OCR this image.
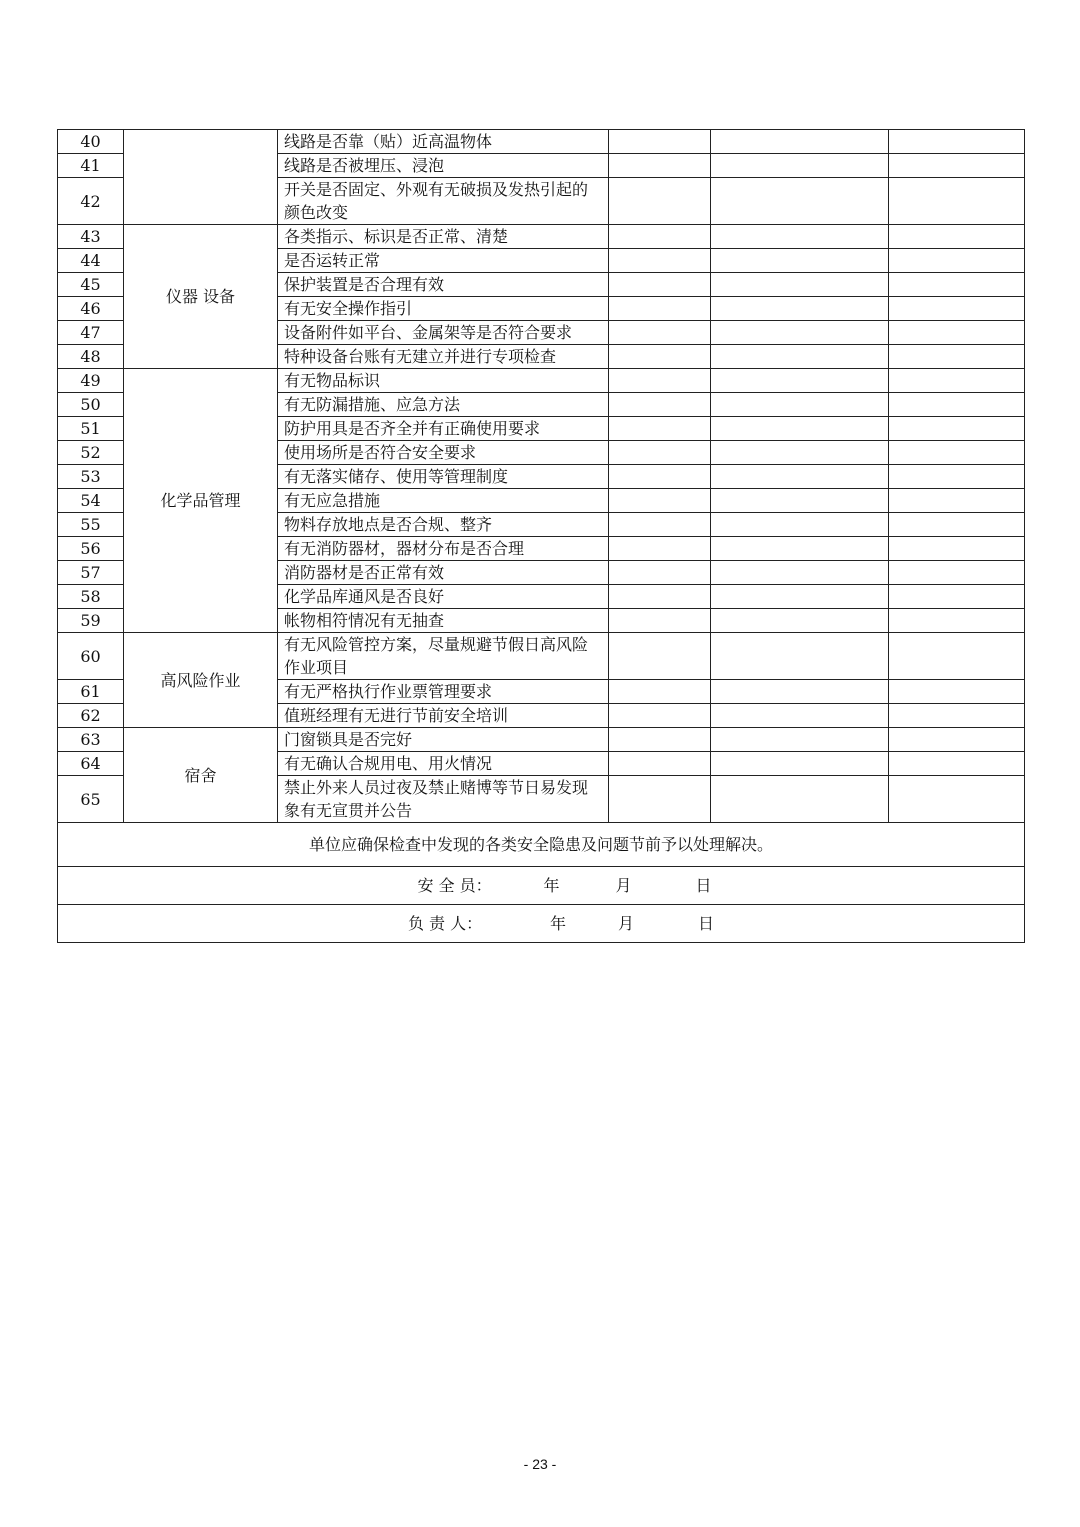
40		线路是否靠（贴）近高温物体			
41		线路是否被埋压、浸泡			
42		开关是否固定、外观有无破损及发热引起的颜色改变			
43	仪器 设备	各类指示、标识是否正常、清楚			
44		是否运转正常			
45		保护装置是否合理有效			
46		有无安全操作指引			
47		设备附件如平台、金属架等是否符合要求			
48		特种设备台账有无建立并进行专项检查			
49	化学品管理	有无物品标识			
50		有无防漏措施、应急方法			
51		防护用具是否齐全并有正确使用要求			
52		使用场所是否符合安全要求			
53		有无落实储存、使用等管理制度			
54		有无应急措施			
55		物料存放地点是否合规、整齐			
56		有无消防器材，器材分布是否合理			
57		消防器材是否正常有效			
58		化学品库通风是否良好			
59		帐物相符情况有无抽查			
60	高风险作业	有无风险管控方案，尽量规避节假日高风险作业项目			
61		有无严格执行作业票管理要求			
62		值班经理有无进行节前安全培训			
63	宿舍	门窗锁具是否完好			
64		有无确认合规用电、用火情况			
65		禁止外来人员过夜及禁止赌博等节日易发现象有无宣贯并公告			
单位应确保检查中发现的各类安全隐患及问题节前予以处理解决。					

安 全 员： 年 月 日					

负 责 人： 年 月 日					
- 23 -
